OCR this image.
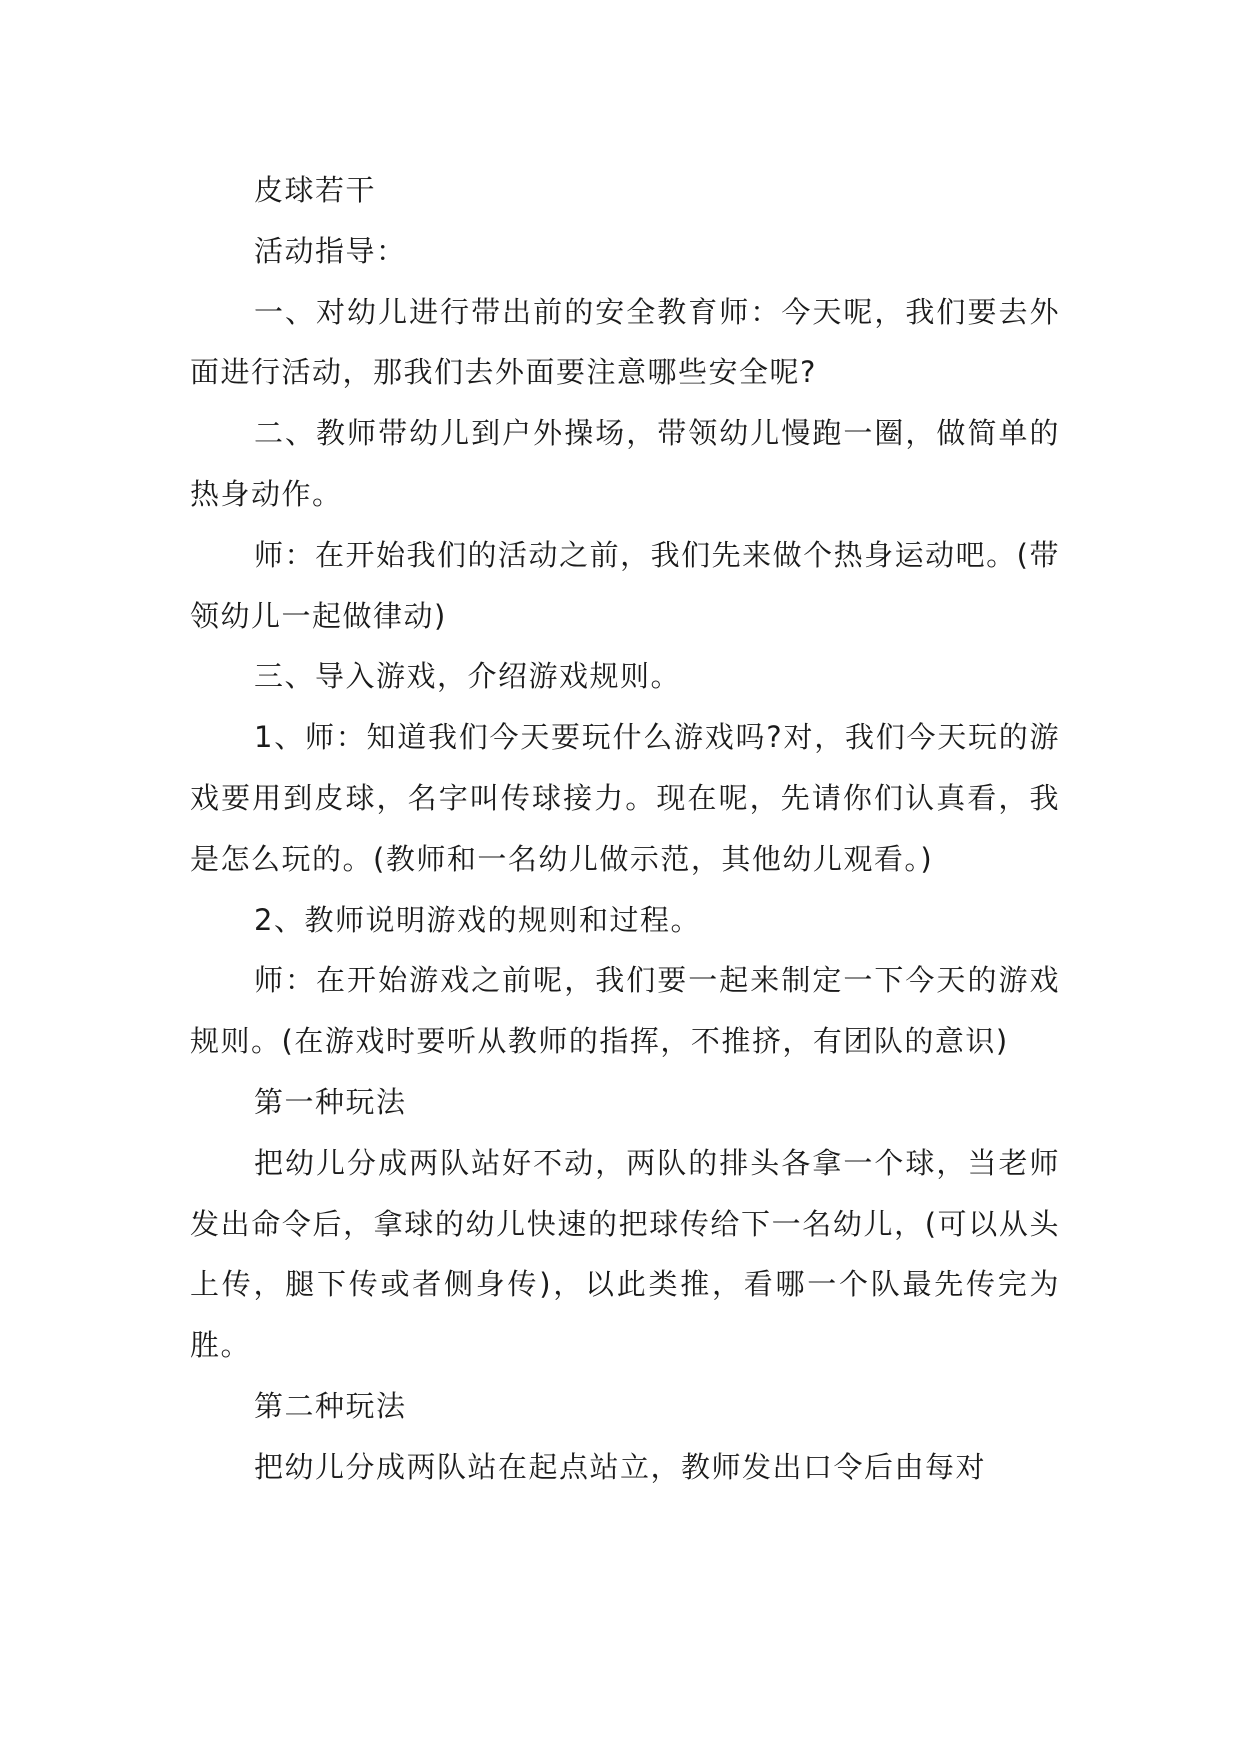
皮球若干

活动指导：

一、对幼儿进行带出前的安全教育师：今天呢，我们要去外面进行活动，那我们去外面要注意哪些安全呢?

二、教师带幼儿到户外操场，带领幼儿慢跑一圈，做简单的热身动作。

师：在开始我们的活动之前，我们先来做个热身运动吧。(带领幼儿一起做律动)

三、导入游戏，介绍游戏规则。

1、师：知道我们今天要玩什么游戏吗?对，我们今天玩的游戏要用到皮球，名字叫传球接力。现在呢，先请你们认真看，我是怎么玩的。(教师和一名幼儿做示范，其他幼儿观看。)

2、教师说明游戏的规则和过程。

师：在开始游戏之前呢，我们要一起来制定一下今天的游戏规则。(在游戏时要听从教师的指挥，不推挤，有团队的意识)

第一种玩法

把幼儿分成两队站好不动，两队的排头各拿一个球，当老师发出命令后，拿球的幼儿快速的把球传给下一名幼儿，(可以从头上传，腿下传或者侧身传)，以此类推，看哪一个队最先传完为胜。

第二种玩法

把幼儿分成两队站在起点站立，教师发出口令后由每对
